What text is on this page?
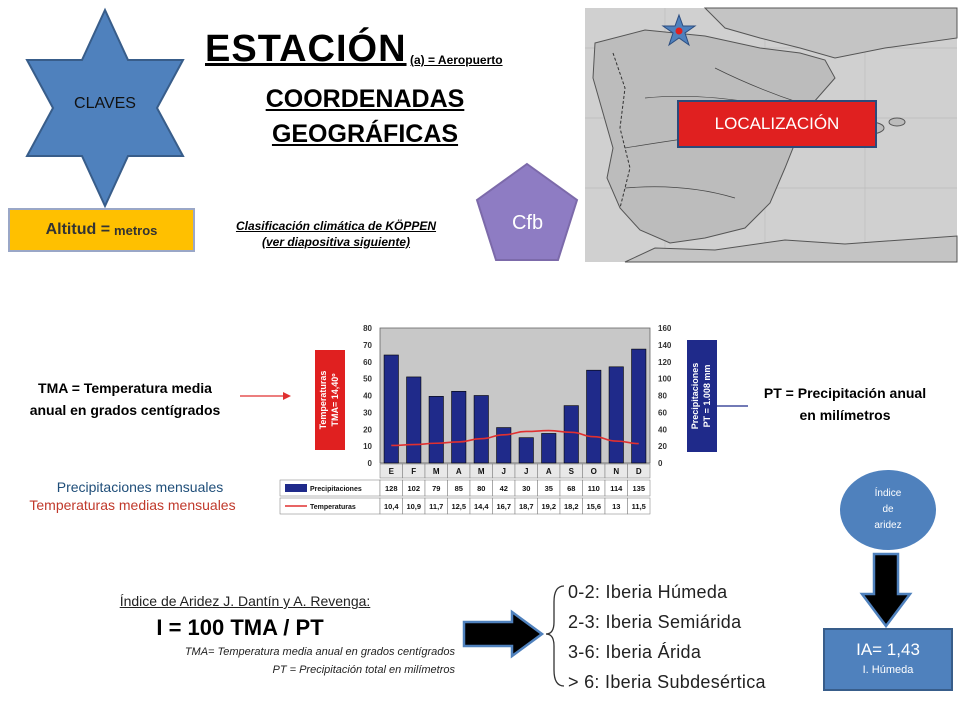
CLAVES
ESTACIÓN (a) = Aeropuerto
COORDENADAS
GEOGRÁFICAS
Altitud = metros	Clasificación climática de KÖPPEN
(ver diapositiva siguiente)
Cfb
LOCALIZACIÓN
TMA = Temperatura media
anual en grados centígrados
PT = Precipitación anual
en milímetros
0
10
20
30
40
50
60
70
80
0
20
40
60
80
100
120
140
160
Temperaturas TMA= 14,40º	Precipitaciones PT = 1.008 mm
E F M A M J J A S O N D
Precipitaciones
Temperaturas
128 102 79 85 80 42 30 35 68 110 114 135
10,4 10,9 11,7 12,5 14,4 16,7 18,7 19,2 18,2 15,6 13 11,5
Precipitaciones mensuales
Temperaturas medias mensuales
Índice de Aridez J. Dantín y A. Revenga:
I = 100 TMA / PT
TMA= Temperatura media anual en grados centígrados
PT = Precipitación total en milímetros
0-2: Iberia Húmeda
2-3: Iberia Semiárida
3-6: Iberia Árida
> 6: Iberia Subdesértica
Índice
de
aridez
IA= 1,43
I. Húmeda
